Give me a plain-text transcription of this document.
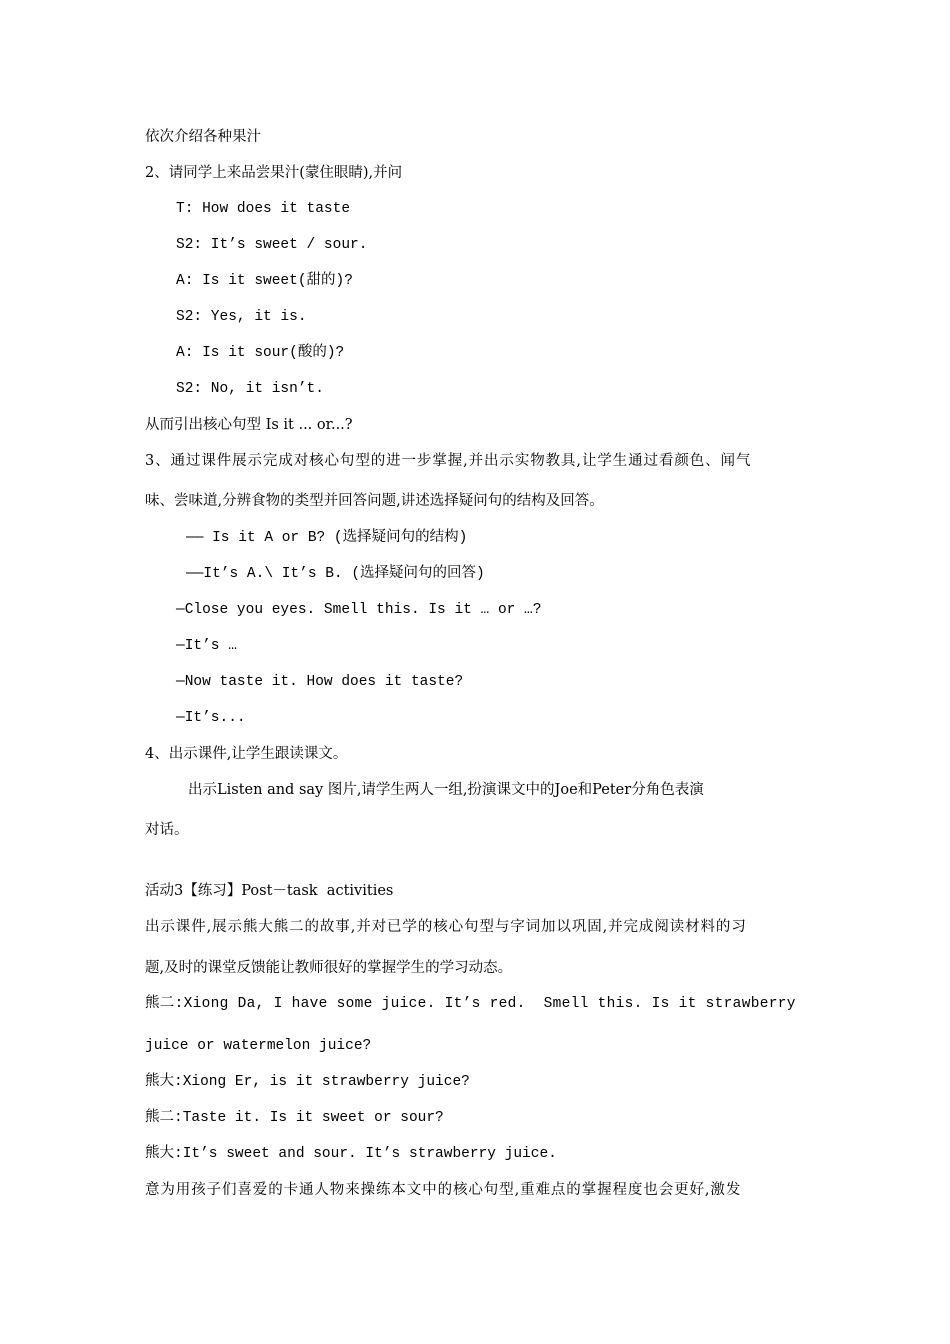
依次介绍各种果汁
2、请同学上来品尝果汁(蒙住眼睛),并问
T: How does it taste
S2: It’s sweet / sour.
A: Is it sweet(甜的)?
S2: Yes, it is.
A: Is it sour(酸的)?
S2: No, it isn’t.
从而引出核心句型 Is it ... or...?
3、通过课件展示完成对核心句型的进一步掌握,并出示实物教具,让学生通过看颜色、闻气
味、尝味道,分辨食物的类型并回答问题,讲述选择疑问句的结构及回答。
—— Is it A or B? (选择疑问句的结构)
——It’s A.\ It’s B. (选择疑问句的回答)
—Close you eyes. Smell this. Is it … or …?
—It’s …
—Now taste it. How does it taste?
—It’s...
4、出示课件,让学生跟读课文。
出示Listen and say 图片,请学生两人一组,扮演课文中的Joe和Peter分角色表演
对话。
活动3【练习】Post－task  activities
出示课件,展示熊大熊二的故事,并对已学的核心句型与字词加以巩固,并完成阅读材料的习
题,及时的课堂反馈能让教师很好的掌握学生的学习动态。
熊二:Xiong Da, I have some juice. It’s red.  Smell this. Is it strawberry
juice or watermelon juice?
熊大:Xiong Er, is it strawberry juice?
熊二:Taste it. Is it sweet or sour?
熊大:It’s sweet and sour. It’s strawberry juice.
意为用孩子们喜爱的卡通人物来操练本文中的核心句型,重难点的掌握程度也会更好,激发
